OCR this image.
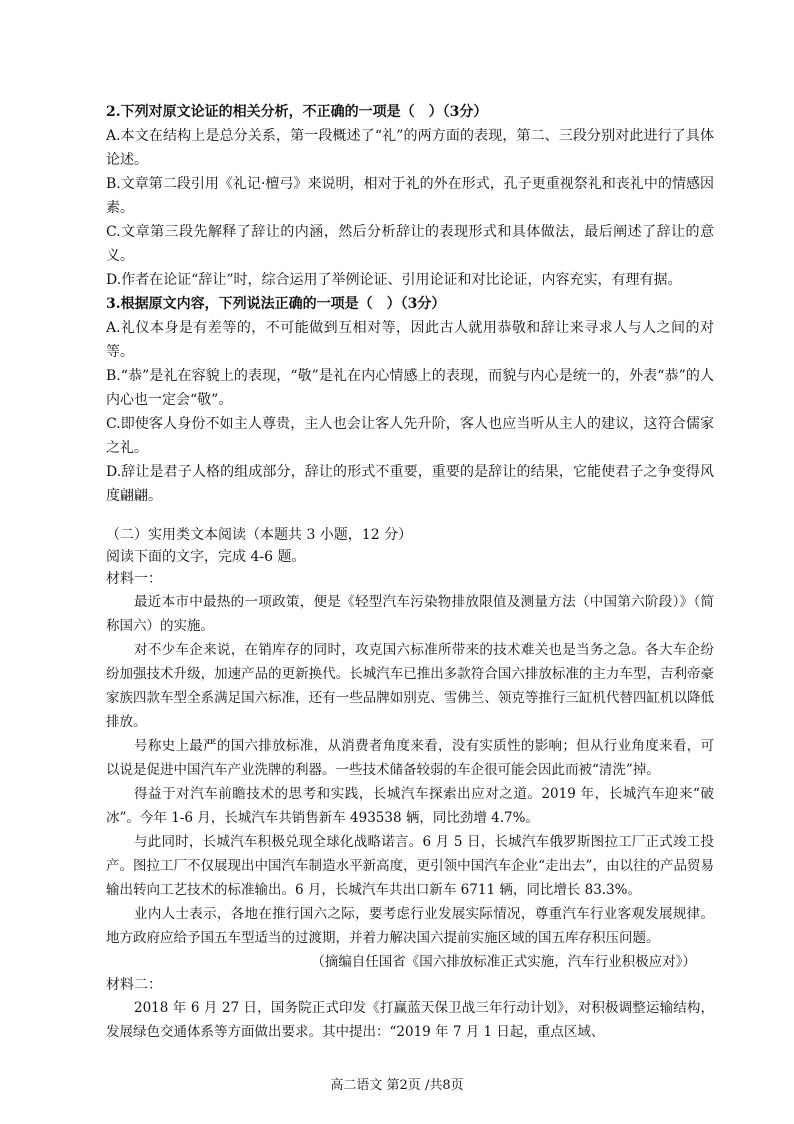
2.下列对原文论证的相关分析，不正确的一项是（　）（3分）

A.本文在结构上是总分关系，第一段概述了“礼”的两方面的表现，第二、三段分别对此进行了具体论述。

B.文章第二段引用《礼记·檀弓》来说明，相对于礼的外在形式，孔子更重视祭礼和丧礼中的情感因素。

C.文章第三段先解释了辞让的内涵，然后分析辞让的表现形式和具体做法，最后阐述了辞让的意义。

D.作者在论证“辞让”时，综合运用了举例论证、引用论证和对比论证，内容充实，有理有据。

3.根据原文内容，下列说法正确的一项是（　）（3分）

A.礼仪本身是有差等的，不可能做到互相对等，因此古人就用恭敬和辞让来寻求人与人之间的对等。

B.“恭”是礼在容貌上的表现，“敬”是礼在内心情感上的表现，而貌与内心是统一的，外表“恭”的人内心也一定会“敬”。

C.即使客人身份不如主人尊贵，主人也会让客人先升阶，客人也应当听从主人的建议，这符合儒家之礼。

D.辞让是君子人格的组成部分，辞让的形式不重要，重要的是辞让的结果，它能使君子之争变得风度翩翩。

（二）实用类文本阅读（本题共 3 小题，12 分）

阅读下面的文字，完成 4-6 题。

材料一：

最近本市中最热的一项政策，便是《轻型汽车污染物排放限值及测量方法（中国第六阶段）》（简称国六）的实施。

对不少车企来说，在销库存的同时，攻克国六标准所带来的技术难关也是当务之急。各大车企纷纷加强技术升级，加速产品的更新换代。长城汽车已推出多款符合国六排放标准的主力车型，吉利帝豪家族四款车型全系满足国六标准，还有一些品牌如别克、雪佛兰、领克等推行三缸机代替四缸机以降低排放。

号称史上最严的国六排放标准，从消费者角度来看，没有实质性的影响；但从行业角度来看，可以说是促进中国汽车产业洗牌的利器。一些技术储备较弱的车企很可能会因此而被“清洗”掉。

得益于对汽车前瞻技术的思考和实践，长城汽车探索出应对之道。2019 年，长城汽车迎来“破冰”。今年 1-6 月，长城汽车共销售新车 493538 辆，同比劲增 4.7%。

与此同时，长城汽车积极兑现全球化战略诺言。6 月 5 日，长城汽车俄罗斯图拉工厂正式竣工投产。图拉工厂不仅展现出中国汽车制造水平新高度，更引领中国汽车企业“走出去”，由以往的产品贸易输出转向工艺技术的标准输出。6 月，长城汽车共出口新车 6711 辆，同比增长 83.3%。

业内人士表示，各地在推行国六之际，要考虑行业发展实际情况，尊重汽车行业客观发展规律。地方政府应给予国五车型适当的过渡期，并着力解决国六提前实施区域的国五库存积压问题。

（摘编自任国省《国六排放标准正式实施，汽车行业积极应对》）

材料二：

2018 年 6 月 27 日，国务院正式印发《打赢蓝天保卫战三年行动计划》，对积极调整运输结构，发展绿色交通体系等方面做出要求。其中提出：“2019 年 7 月 1 日起，重点区域、

高二语文 第2页 /共8页
